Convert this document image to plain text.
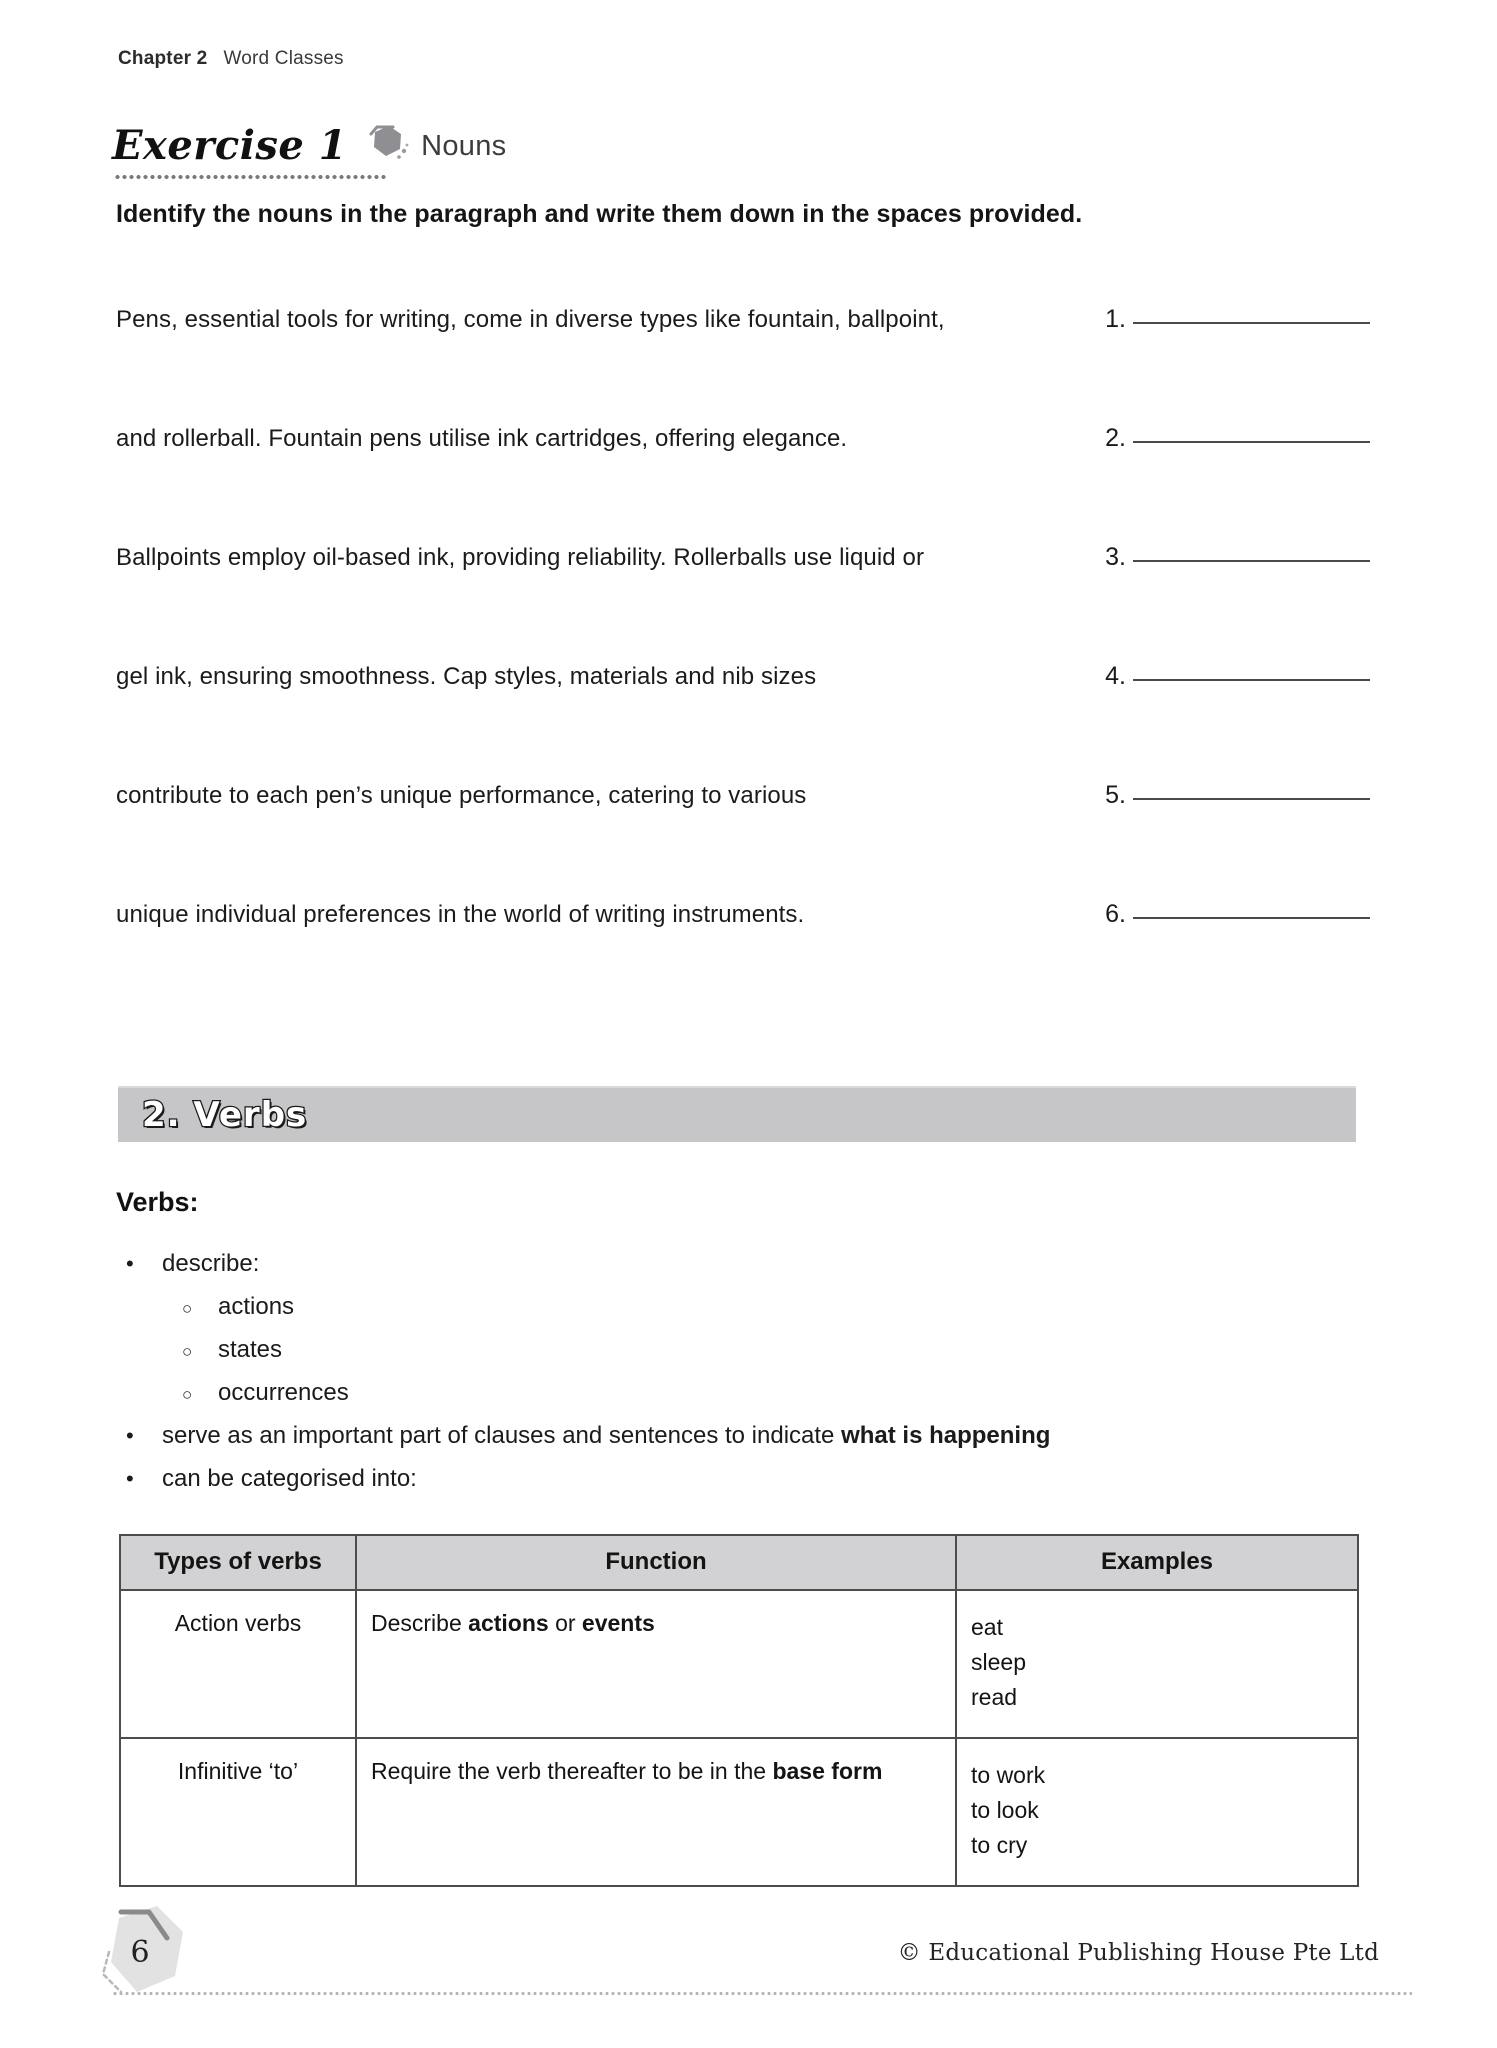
Chapter 2 Word Classes
Exercise 1	Nouns
Identify the nouns in the paragraph and write them down in the spaces provided.
Pens, essential tools for writing, come in diverse types like fountain, ballpoint,	1.
and rollerball. Fountain pens utilise ink cartridges, offering elegance.	2.
Ballpoints employ oil-based ink, providing reliability. Rollerballs use liquid or	3.
gel ink, ensuring smoothness. Cap styles, materials and nib sizes	4.
contribute to each pen’s unique performance, catering to various	5.
unique individual preferences in the world of writing instruments.	6.
2. Verbs
Verbs:
•	describe:
○	actions
○	states
○	occurrences
•	serve as an important part of clauses and sentences to indicate what is happening
•	can be categorised into:
Types of verbs	Function	Examples
Action verbs	Describe actions or events	eat
sleep
read

Infinitive ‘to’	Require the verb thereafter to be in the base form	to work
to look
to cry
6	© Educational Publishing House Pte Ltd
